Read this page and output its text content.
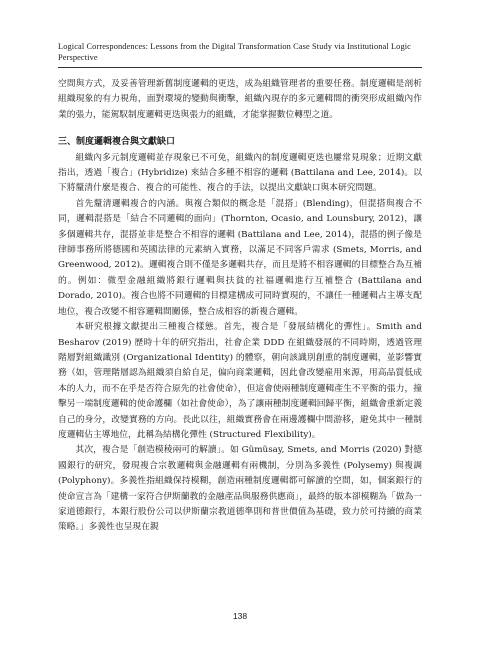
Logical Correspondences: Lessons from the Digital Transformation Case Study via Institutional Logic Perspective

空間與方式，及妥善管理新舊制度邏輯的更迭，成為組織管理者的重要任務。制度邏輯是剖析組織現象的有力視角，面對環境的變動與衝擊，組織內現存的多元邏輯間的衝突形成組織內作業的張力，能駕馭制度邏輯更迭與張力的組織，才能掌握數位轉型之道。

三、制度邏輯複合與文獻缺口

組織內多元制度邏輯並存現象已不可免，組織內的制度邏輯更迭也屢常見現象；近期文獻指出，透過「複合」(Hybridize) 來結合多種不相容的邏輯 (Battilana and Lee, 2014)。以下將釐清什麼是複合、複合的可能性、複合的手法，以提出文獻缺口與本研究問題。

首先釐清邏輯複合的內涵。與複合類似的概念是「混搭」(Blending)，但混搭與複合不同，邏輯混搭是「結合不同邏輯的面向」(Thornton, Ocasio, and Lounsbury, 2012)，讓多個邏輯共存，混搭並非是整合不相容的邏輯 (Battilana and Lee, 2014)，混搭的例子像是律師事務所將德國和英國法律的元素納入實務，以滿足不同客戶需求 (Smets, Morris, and Greenwood, 2012)。邏輯複合則不僅是多邏輯共存，而且是將不相容邏輯的目標整合為互補的。例如：微型金融組織將銀行邏輯與扶貧的社福邏輯進行互補整合 (Battilana and Dorado, 2010)。複合也將不同邏輯的目標建構成可同時實現的，不讓任一種邏輯占主導支配地位，複合改變不相容邏輯間關係，整合成相容的新複合邏輯。

本研究根據文獻提出三種複合樣態。首先，複合是「發展結構化的彈性」。Smith and Besharov (2019) 歷時十年的研究指出，社會企業 DDD 在組織發展的不同時期，透過管理階層對組織識別 (Organizational Identity) 的體察，朝向該識別創重的制度邏輯，並影響實務（如，管理階層認為組織須自給自足，偏向商業邏輯，因此會改變雇用來源，用高品質低成本的人力，而不在乎是否符合原先的社會使命），但這會使兩種制度邏輯產生不平衡的張力，撞擊另一端制度邏輯的使命護欄（如社會使命），為了讓兩種制度邏輯回歸平衡，組織會重新定義自己的身分，改變實務的方向。長此以往，組織實務會在兩邊護欄中間游移，避免其中一種制度邏輯佔主導地位，此稱為結構化彈性 (Structured Flexibility)。

其次，複合是「創造模稜兩可的解讀」。如 Gümüsay, Smets, and Morris (2020) 對德國銀行的研究，發現複合宗教邏輯與金融邏輯有兩機制，分別為多義性 (Polysemy) 與複調 (Polyphony)。多義性指組織保持模糊，創造兩種制度邏輯都可解讀的空間，如，個案銀行的使命宣言為「建構一家符合伊斯蘭教的金融產品與服務供應商」，最終的版本卻模糊為「做為一家道德銀行，本銀行股份公司以伊斯蘭宗教道德準則和普世價值為基礎，致力於可持續的商業策略。」多義性也呈現在親

138
